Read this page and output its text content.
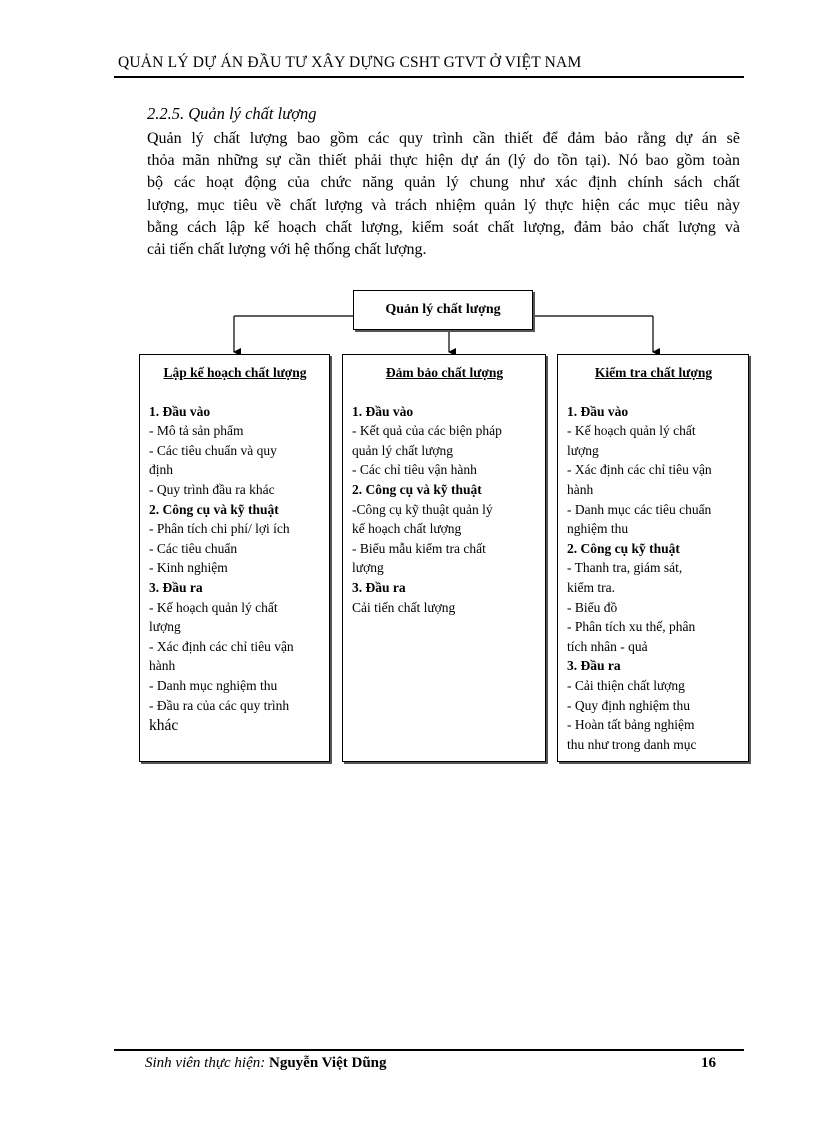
QUẢN LÝ DỰ ÁN ĐẦU TƯ XÂY DỰNG CSHT GTVT Ở VIỆT NAM
2.2.5. Quản lý chất lượng
Quản lý chất lượng bao gồm các quy trình cần thiết để đảm bảo rằng dự án sẽ
thỏa mãn những sự cần thiết phải thực hiện dự án (lý do tồn tại). Nó bao gồm toàn
bộ các hoạt động của chức năng quản lý chung như xác định chính sách chất
lượng, mục tiêu về chất lượng và trách nhiệm quản lý thực hiện các mục tiêu này
bằng cách lập kế hoạch chất lượng, kiểm soát chất lượng, đảm bảo chất lượng và
cải tiến chất lượng với hệ thống chất lượng.
Quản lý chất lượng
Lập kế hoạch chất lượng
1. Đầu vào
- Mô tả sản phẩm
- Các tiêu chuẩn và quy
định
- Quy trình đầu ra khác
2. Công cụ và kỹ thuật
- Phân tích chi phí/ lợi ích
- Các tiêu chuẩn
- Kinh nghiệm
3. Đầu ra
- Kế hoạch quản lý chất
lượng
- Xác định các chỉ tiêu vận
hành
- Danh mục nghiệm thu
- Đầu ra của các quy trình
khác
Đảm bảo chất lượng
1. Đầu vào
- Kết quả của các biện pháp
quản lý chất lượng
- Các chỉ tiêu vận hành
2. Công cụ và kỹ thuật
-Công cụ kỹ thuật quản lý
kế hoạch chất lượng
- Biểu mẫu kiểm tra chất
lượng
3. Đầu ra
Cải tiến chất lượng
Kiểm tra chất lượng
1. Đầu vào
- Kế hoạch quản lý chất
lượng
- Xác định các chỉ tiêu vận
hành
- Danh mục các tiêu chuẩn
nghiệm thu
2. Công cụ kỹ thuật
- Thanh tra, giám sát,
kiểm tra.
- Biểu đồ
- Phân tích xu thế, phân
tích nhân - quả
3. Đầu ra
- Cải thiện chất lượng
- Quy định nghiệm thu
- Hoàn tất bảng nghiệm
thu như trong danh mục
Sinh viên thực hiện: Nguyễn Việt Dũng	16
